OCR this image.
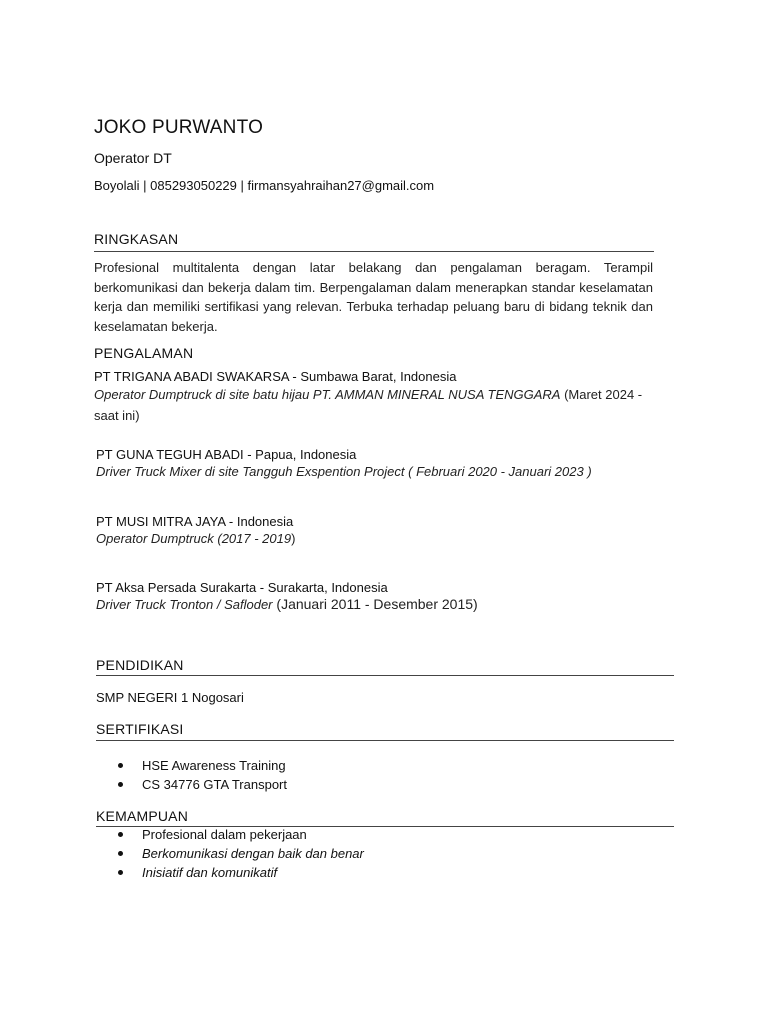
JOKO PURWANTO
Operator DT
Boyolali | 085293050229 | firmansyahraihan27@gmail.com
RINGKASAN
Profesional multitalenta dengan latar belakang dan pengalaman beragam. Terampil berkomunikasi dan bekerja dalam tim. Berpengalaman dalam menerapkan standar keselamatan kerja dan memiliki sertifikasi yang relevan. Terbuka terhadap peluang baru di bidang teknik dan keselamatan bekerja.
PENGALAMAN
PT TRIGANA ABADI SWAKARSA - Sumbawa Barat, Indonesia
Operator Dumptruck di site batu hijau PT. AMMAN MINERAL NUSA TENGGARA (Maret 2024 - saat ini)
PT GUNA TEGUH ABADI - Papua, Indonesia
Driver Truck Mixer di site Tangguh Exspention Project ( Februari 2020 - Januari 2023 )
PT MUSI MITRA JAYA - Indonesia
Operator Dumptruck (2017 - 2019)
PT Aksa Persada Surakarta - Surakarta, Indonesia
Driver Truck Tronton / Safloder (Januari 2011 - Desember 2015)
PENDIDIKAN
SMP NEGERI 1 Nogosari
SERTIFIKASI
HSE Awareness Training
CS 34776 GTA Transport
KEMAMPUAN
Profesional dalam pekerjaan
Berkomunikasi dengan baik dan benar
Inisiatif dan komunikatif
